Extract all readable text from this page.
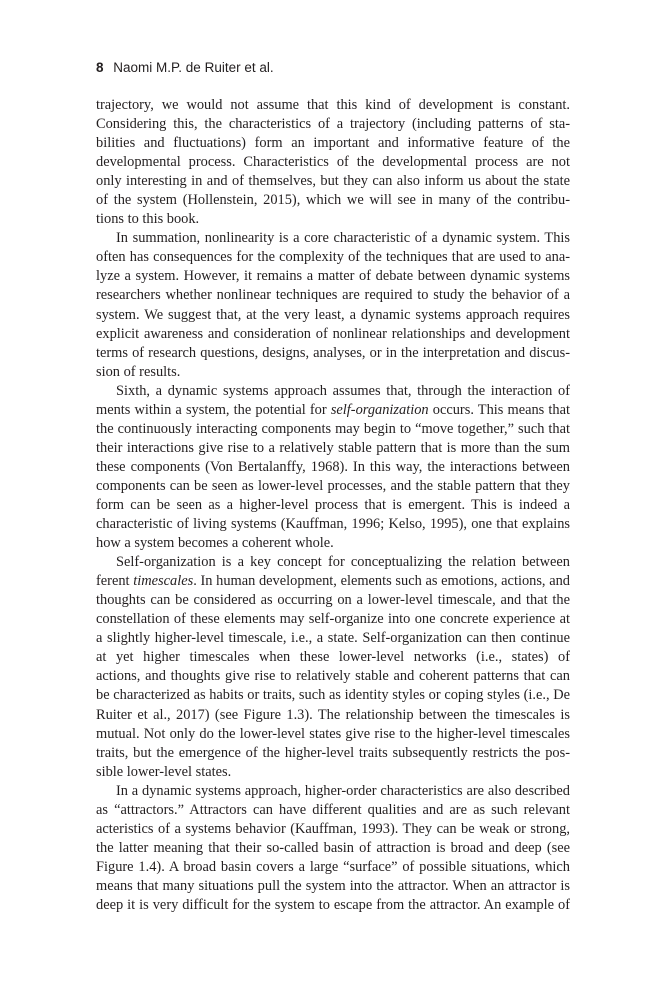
8 Naomi M.P. de Ruiter et al.
trajectory, we would not assume that this kind of development is constant.
Considering this, the characteristics of a trajectory (including patterns of sta-
bilities and fluctuations) form an important and informative feature of the
developmental process. Characteristics of the developmental process are not
only interesting in and of themselves, but they can also inform us about the state
of the system (Hollenstein, 2015), which we will see in many of the contribu-
tions to this book.
In summation, nonlinearity is a core characteristic of a dynamic system. This
often has consequences for the complexity of the techniques that are used to ana-
lyze a system. However, it remains a matter of debate between dynamic systems
researchers whether nonlinear techniques are required to study the behavior of a
system. We suggest that, at the very least, a dynamic systems approach requires
explicit awareness and consideration of nonlinear relationships and development
terms of research questions, designs, analyses, or in the interpretation and discus-
sion of results.
Sixth, a dynamic systems approach assumes that, through the interaction of
ments within a system, the potential for self-organization occurs. This means that
the continuously interacting components may begin to “move together,” such that
their interactions give rise to a relatively stable pattern that is more than the sum
these components (Von Bertalanffy, 1968). In this way, the interactions between
components can be seen as lower-level processes, and the stable pattern that they
form can be seen as a higher-level process that is emergent. This is indeed a
characteristic of living systems (Kauffman, 1996; Kelso, 1995), one that explains
how a system becomes a coherent whole.
Self-organization is a key concept for conceptualizing the relation between
ferent timescales. In human development, elements such as emotions, actions, and
thoughts can be considered as occurring on a lower-level timescale, and that the
constellation of these elements may self-organize into one concrete experience at
a slightly higher-level timescale, i.e., a state. Self-organization can then continue
at yet higher timescales when these lower-level networks (i.e., states) of
actions, and thoughts give rise to relatively stable and coherent patterns that can
be characterized as habits or traits, such as identity styles or coping styles (i.e., De
Ruiter et al., 2017) (see Figure 1.3). The relationship between the timescales is
mutual. Not only do the lower-level states give rise to the higher-level timescales
traits, but the emergence of the higher-level traits subsequently restricts the pos-
sible lower-level states.
In a dynamic systems approach, higher-order characteristics are also described
as “attractors.” Attractors can have different qualities and are as such relevant
acteristics of a systems behavior (Kauffman, 1993). They can be weak or strong,
the latter meaning that their so-called basin of attraction is broad and deep (see
Figure 1.4). A broad basin covers a large “surface” of possible situations, which
means that many situations pull the system into the attractor. When an attractor is
deep it is very difficult for the system to escape from the attractor. An example of
